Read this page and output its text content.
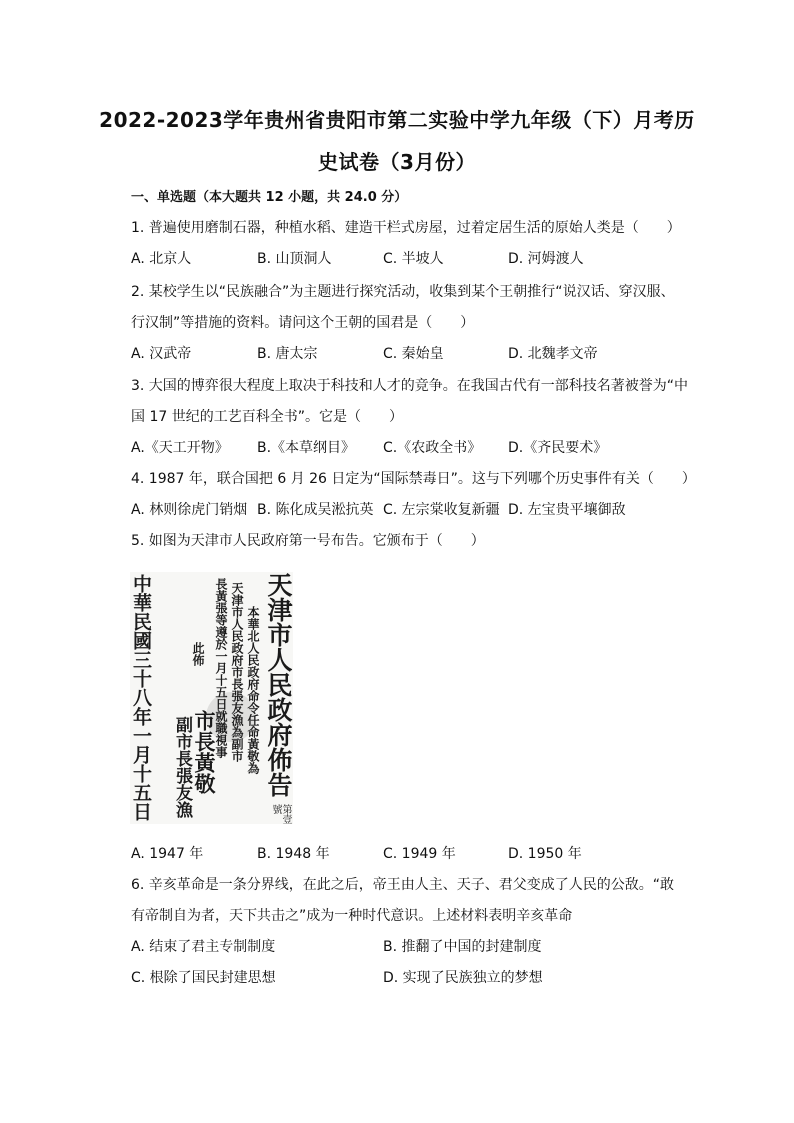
2022-2023学年贵州省贵阳市第二实验中学九年级（下）月考历
史试卷（3月份）
一、单选题（本大题共 12 小题，共 24.0 分）
1. 普遍使用磨制石器，种植水稻、建造干栏式房屋，过着定居生活的原始人类是（　　）
A. 北京人	B. 山顶洞人	C. 半坡人	D. 河姆渡人
2. 某校学生以“民族融合”为主题进行探究活动，收集到某个王朝推行“说汉话、穿汉服、
行汉制”等措施的资料。请问这个王朝的国君是（　　）
A. 汉武帝	B. 唐太宗	C. 秦始皇	D. 北魏孝文帝
3. 大国的博弈很大程度上取决于科技和人才的竞争。在我国古代有一部科技名著被誉为“中
国 17 世纪的工艺百科全书”。它是（　　）
A.《天工开物》 B.《本草纲目》 C.《农政全书》 D.《齐民要术》
4. 1987 年，联合国把 6 月 26 日定为“国际禁毒日”。这与下列哪个历史事件有关（　　）
A. 林则徐虎门销烟 B. 陈化成吴淞抗英 C. 左宗棠收复新疆 D. 左宝贵平壤御敌
5. 如图为天津市人民政府第一号布告。它颁布于（　　）
天津市人民政府佈告
第壹號
本華北人民政府命令任命黃敬為
天津市人民政府市長張友漁為副市
長黃張等遵於一月十五日就職視事
此佈
市長黃敬
副市長張友漁
中華民國三十八年一月十五日
A. 1947 年	B. 1948 年	C. 1949 年	D. 1950 年
6. 辛亥革命是一条分界线，在此之后，帝王由人主、天子、君父变成了人民的公敌。“敢
有帝制自为者，天下共击之”成为一种时代意识。上述材料表明辛亥革命
A. 结束了君主专制制度	B. 推翻了中国的封建制度
C. 根除了国民封建思想	D. 实现了民族独立的梦想
